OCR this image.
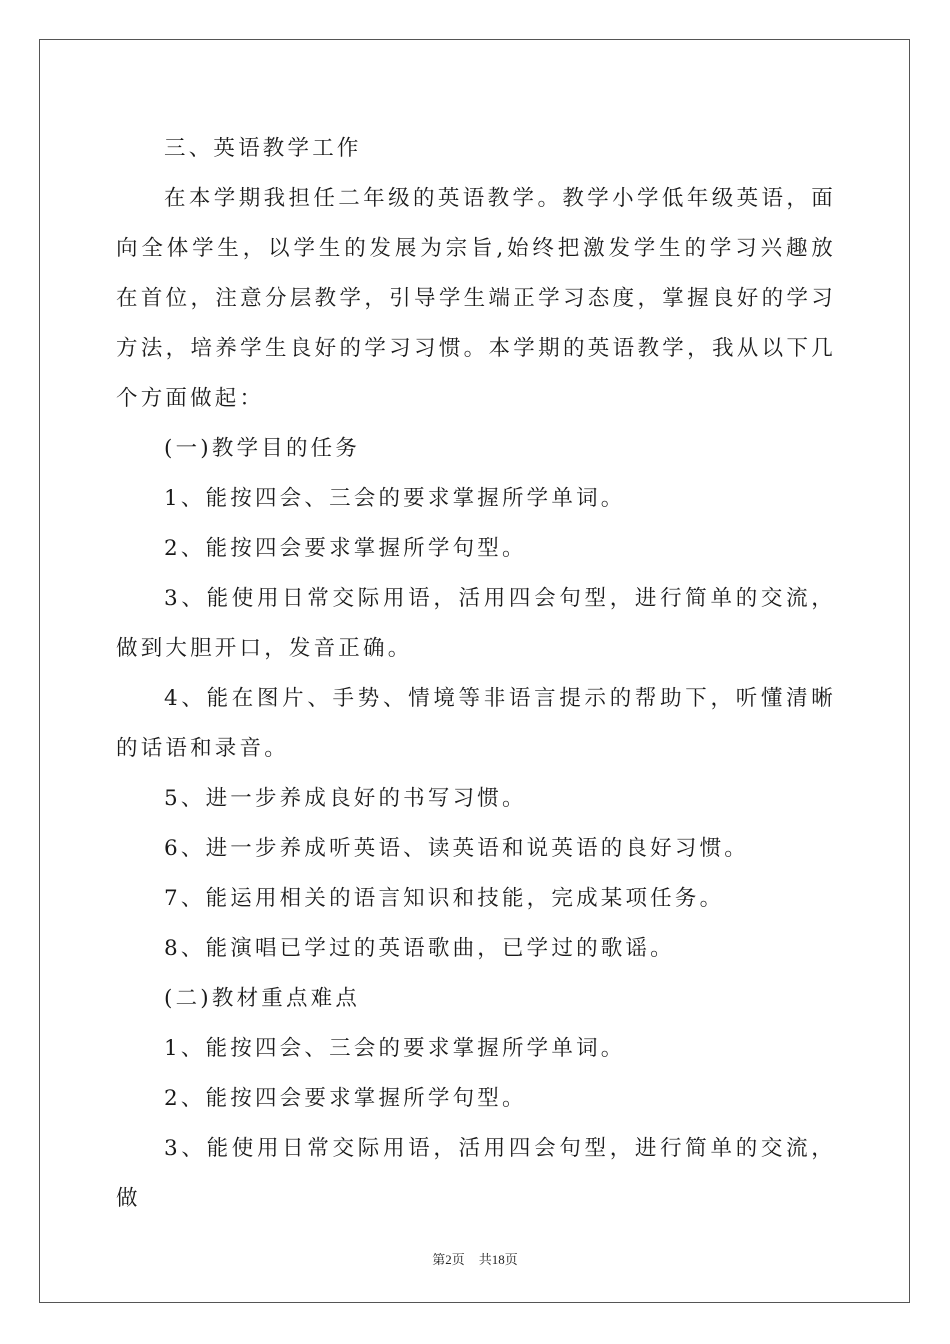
三、英语教学工作

在本学期我担任二年级的英语教学。教学小学低年级英语，面向全体学生，以学生的发展为宗旨,始终把激发学生的学习兴趣放在首位，注意分层教学，引导学生端正学习态度，掌握良好的学习方法，培养学生良好的学习习惯。本学期的英语教学，我从以下几个方面做起：

(一)教学目的任务

1、能按四会、三会的要求掌握所学单词。

2、能按四会要求掌握所学句型。

3、能使用日常交际用语，活用四会句型，进行简单的交流，做到大胆开口，发音正确。

4、能在图片、手势、情境等非语言提示的帮助下，听懂清晰的话语和录音。

5、进一步养成良好的书写习惯。

6、进一步养成听英语、读英语和说英语的良好习惯。

7、能运用相关的语言知识和技能，完成某项任务。

8、能演唱已学过的英语歌曲，已学过的歌谣。

(二)教材重点难点

1、能按四会、三会的要求掌握所学单词。

2、能按四会要求掌握所学句型。

3、能使用日常交际用语，活用四会句型，进行简单的交流，做

第2页 共18页
